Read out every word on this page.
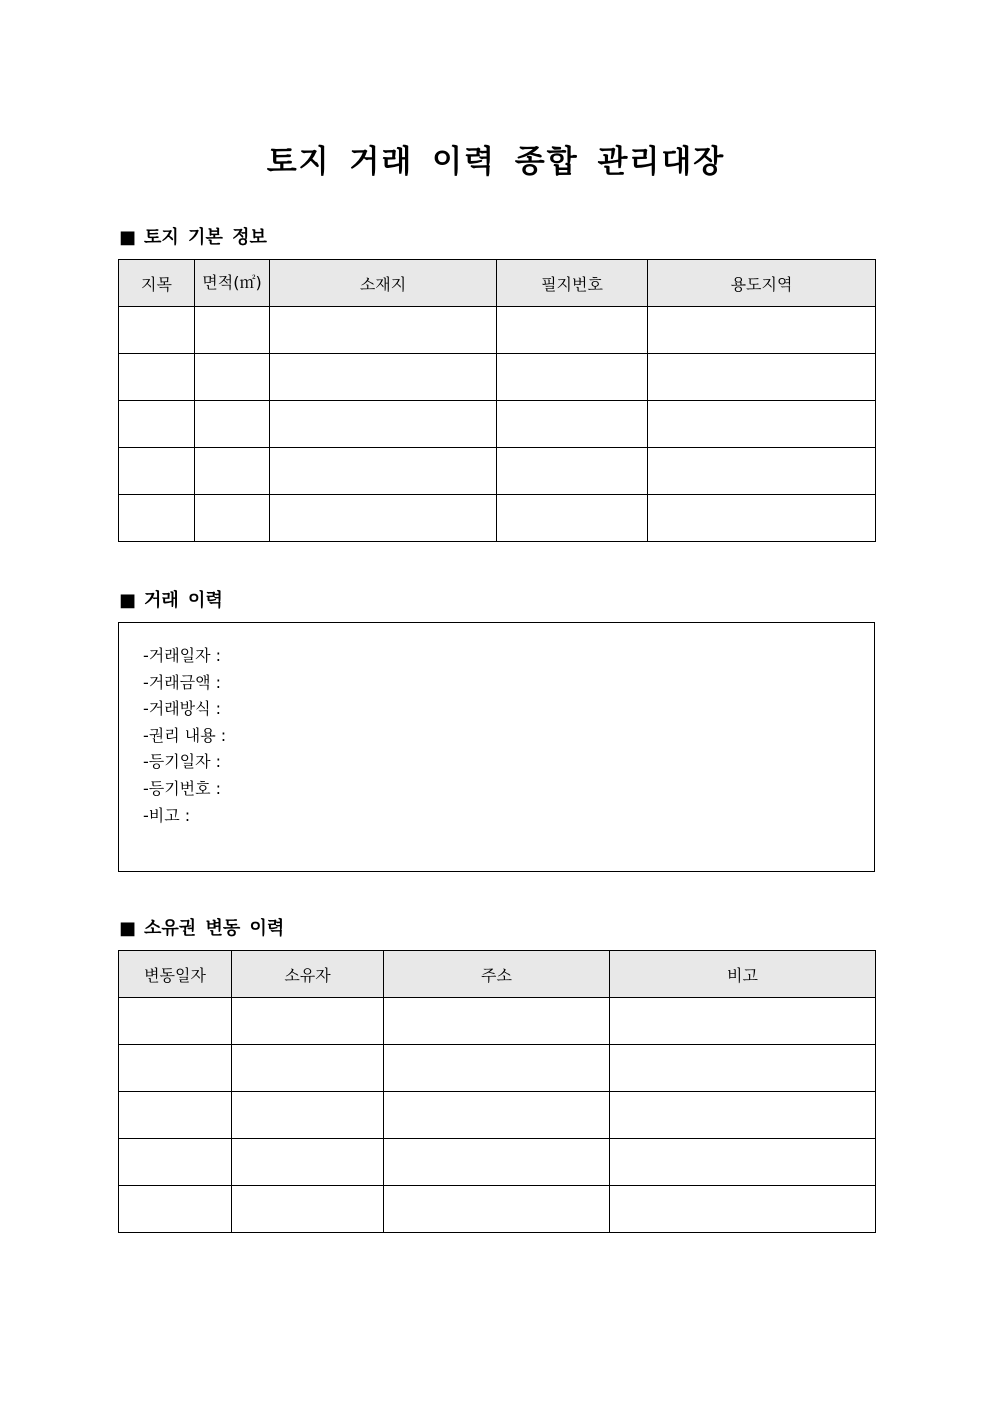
토지 거래 이력 종합 관리대장
■ 토지 기본 정보
지목	면적(㎡)	소재지	필지번호	용도지역

■ 거래 이력
-거래일자 :
-거래금액 :
-거래방식 :
-권리 내용 :
-등기일자 :
-등기번호 :
-비고 :
■ 소유권 변동 이력
변동일자	소유자	주소	비고
